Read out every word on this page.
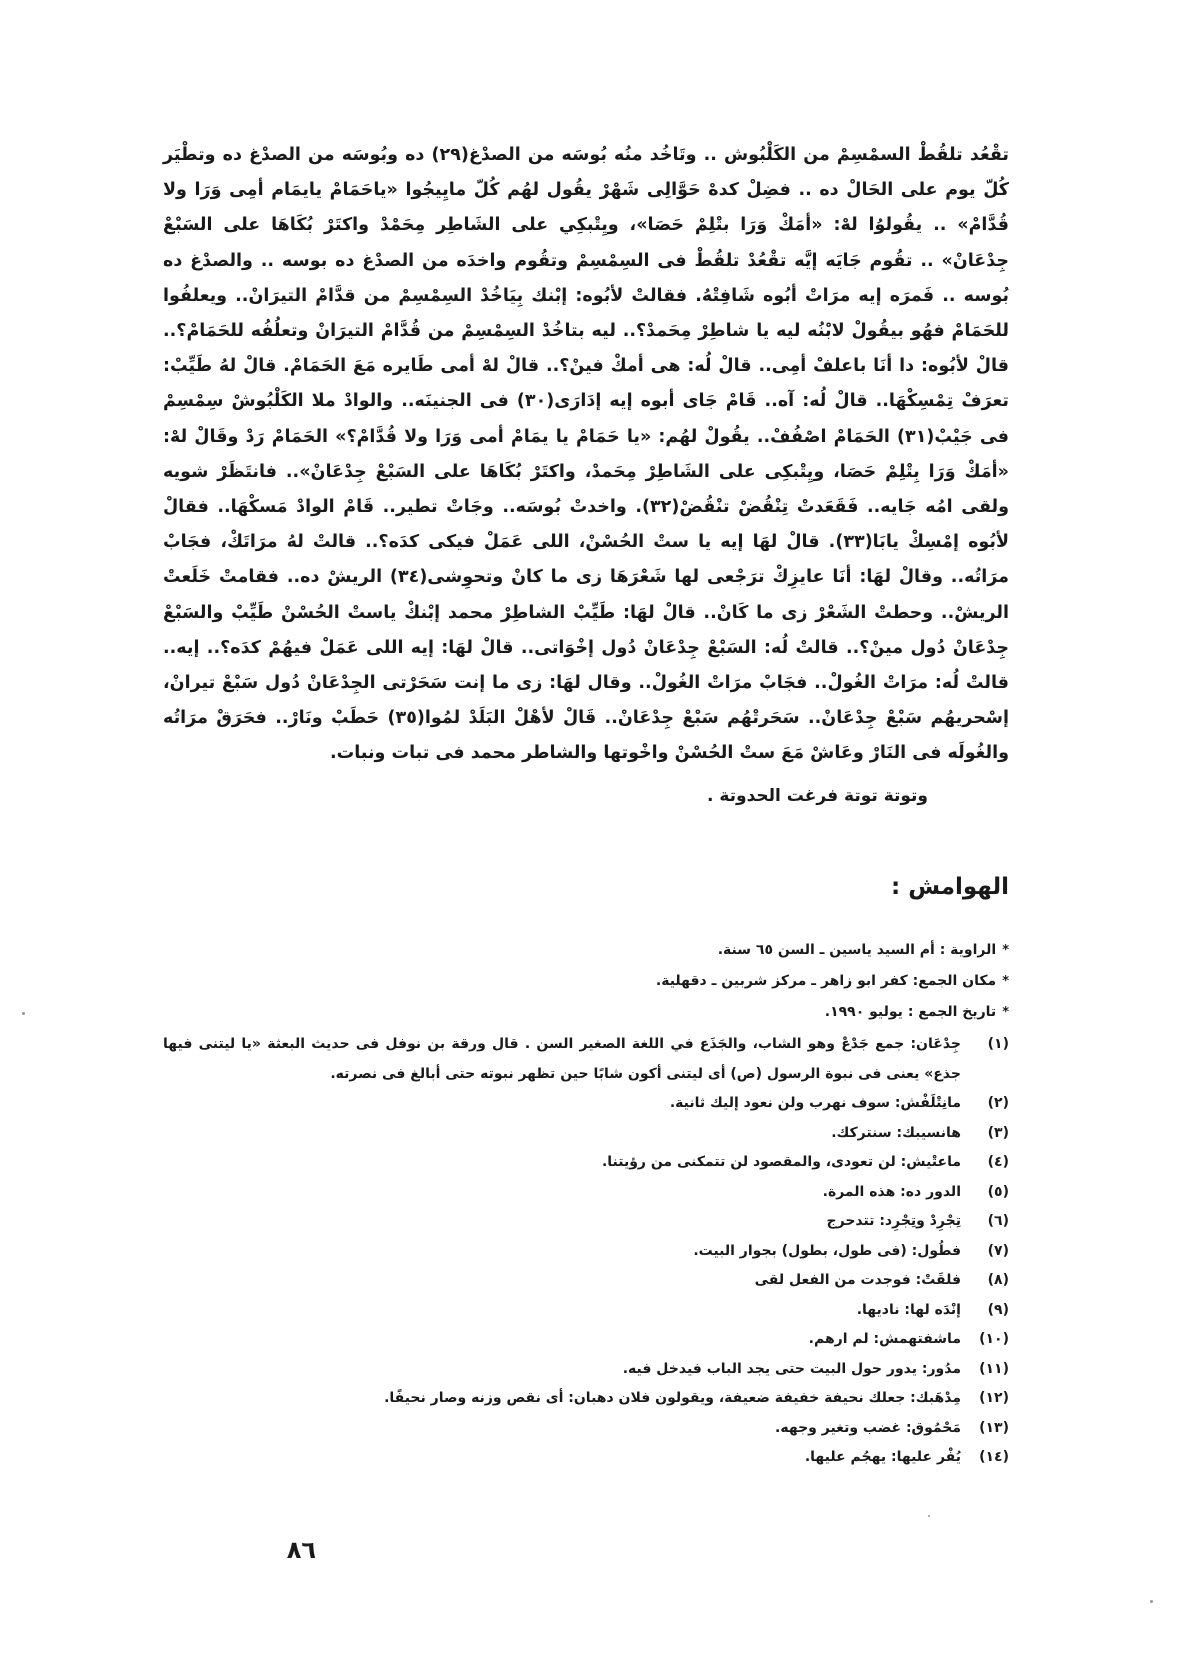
تقْعُد تلقُطْ السمْسِمْ من الكَلْبُوش .. وتَاخُد منُه بُوسَه من الصدْغ(٢٩) ده وبُوسَه من الصدْغ ده وتطْيَر كُلّ يوم على الحَالْ ده .. فضِلْ كدهْ حَوَّالِى شَهْرْ يقُول لهُم كُلّ مايِيجُوا «ياحَمَامْ يايمَام أمِى وَرَا ولا قُدَّامْ» .. يقُولوُا لهْ: «أمَكْ وَرَا بتْلِمْ حَصَا»، ويِتْبكِي على الشَاطِر مِحَمْدْ واكتَرْ بُكَاهَا على السَبْعْ جِدْعَانْ» .. تقُوم جَايَه إيَّه تقْعُدْ تلقُطْ فى السِمْسِمْ وتقُوم واخدَه من الصدْغ ده بوسه .. والصدْغ ده بُوسه .. فَمرَه إيه مرَاتْ أبُوه شَافِتْهُ. فقالتْ لأبُوه: إبْنك بِيَاخُدْ السِمْسِمْ من قدَّامْ التيرَانْ.. ويعلفُوا للحَمَامْ فهُو بيقُولْ لابْنُه ليه يا شاطِرْ مِحَمدْ؟.. ليه بتاخُدْ السِمْسِمْ من قُدَّامْ التيرَانْ وتعلُفُه للحَمَامْ؟.. قالْ لأبُوه: دا أنَا باعلفْ أمِى.. قالْ لُه: هى أمكْ فينْ؟.. قالْ لهْ أمى طَايره مَعَ الحَمَامْ. قالْ لهُ طَيِّبْ: تعرَفْ تِمْسِكْهَا.. قالْ لُه: آه.. قَامْ جَاى أبوه إيه إدَارَى(٣٠) فى الجنينَه.. والوادْ ملا الكَلْبُوشْ سِمْسِمْ فى جَيْبْ(٣١) الحَمَامْ اصْفُفْ.. يقُولْ لهُم: «يا حَمَامْ يا يمَامْ أمى وَرَا ولا قُدَّامْ؟» الحَمَامْ رَدْ وقَالْ لهْ: «أمَكْ وَرَا بِتْلِمْ حَصَا، ويِتْبكِى على الشَاطِرْ مِحَمدْ، واكتَرْ بُكَاهَا على السَبْعْ جِدْعَانْ».. فانتَظَرْ شويه ولقى امُه جَايه.. فَقَعَدتْ تِنْقُضْ تنْقُضْ(٣٢). واخدتْ بُوسَه.. وجَاتْ تطير.. قَامْ الوادْ مَسكْهَا.. فقالْ لأبُوه إمْسِكْ يابَا(٣٣). قالْ لهَا إيه يا ستْ الحُسْنْ، اللى عَمَلْ فيكى كدَه؟.. قالتْ لهُ مرَاتَكْ، فجَابْ مرَاتُه.. وقالْ لهَا: أنَا عايزِكْ ترَجْعى لها شَعْرَهَا زى ما كانْ وتحوِشى(٣٤) الريشْ ده.. فقامتْ خَلَعتْ الريشْ.. وحطتْ الشَعْرْ زى ما كَانْ.. قالْ لهَا: طَيِّبْ الشاطِرْ محمد إبْنكْ ياستْ الحُسْنْ طَيِّبْ والسَبْعْ جِدْعَانْ دُول مينْ؟.. قالتْ لُه: السَبْعْ جِدْعَانْ دُول إخْوَاتى.. قالْ لهَا: إيه اللى عَمَلْ فيهُمْ كدَه؟.. إيه.. قالتْ لُه: مرَاتْ الغُولْ.. فجَابْ مرَاتْ الغُولْ.. وقال لهَا: زى ما إنت سَحَرْتى الجِدْعَانْ دُول سَبْعْ تيرانْ، إسْحريهُم سَبْعْ جِدْعَانْ.. سَحَرتْهُم سَبْعْ جِدْعَانْ.. قَالْ لأهْلْ البَلَدْ لمُوا(٣٥) حَطَبْ ونَارْ.. فحَرَقْ مرَاتُه والغُولَه فى النَارْ وعَاشْ مَعَ ستْ الحُسْنْ واخْوتها والشاطر محمد فى تبات ونبات.

وتوتة توتة فرغت الحدوتة .
الهوامش :
*
الراوية : أم السيد ياسين ـ السن ٦٥ سنة.
*
مكان الجمع: كفر ابو زاهر ـ مركز شربين ـ دقهلية.
*
تاريخ الجمع : يوليو ١٩٩٠.
(١)
جِدْعَان: جمع جَدْعْ وهو الشاب، والجَذَع في اللغة الصغير السن . قال ورقة بن نوفل فى حديث البعثة «يا ليتنى فيها جذع» يعنى فى نبوة الرسول (ص) أى ليتنى أكون شابًا حين تظهر نبوته حتى أبالغ فى نصرته.
(٢)
مانِتْلَفْش: سوف نهرب ولن نعود إليك ثانية.
(٣)
هانسيبك: سنتركك.
(٤)
ماعتْيش: لن تعودى، والمقصود لن تتمكنى من رؤيتنا.
(٥)
الدور ده: هذه المرة.
(٦)
تِجْرِدْ وتِجْرِد: تتدحرج
(٧)
فطُول: (فى طول، بطول) بجوار البيت.
(٨)
فلقَتْ: فوجدت من الفعل لقى
(٩)
إنْدَه لها: ناديها.
(١٠)
ماشفتهمش: لم ارهم.
(١١)
مدُور: يدور حول البيت حتى يجد الباب فيدخل فيه.
(١٢)
مِدْهَبك: جعلك نحيفة خفيفة ضعيفة، ويقولون فلان دهبان: أى نقص وزنه وصار نحيفًا.
(١٣)
مَحْمُوق: غضب وتغير وجهه.
(١٤)
يُفْر عليها: يهجُم عليها.
٨٦
